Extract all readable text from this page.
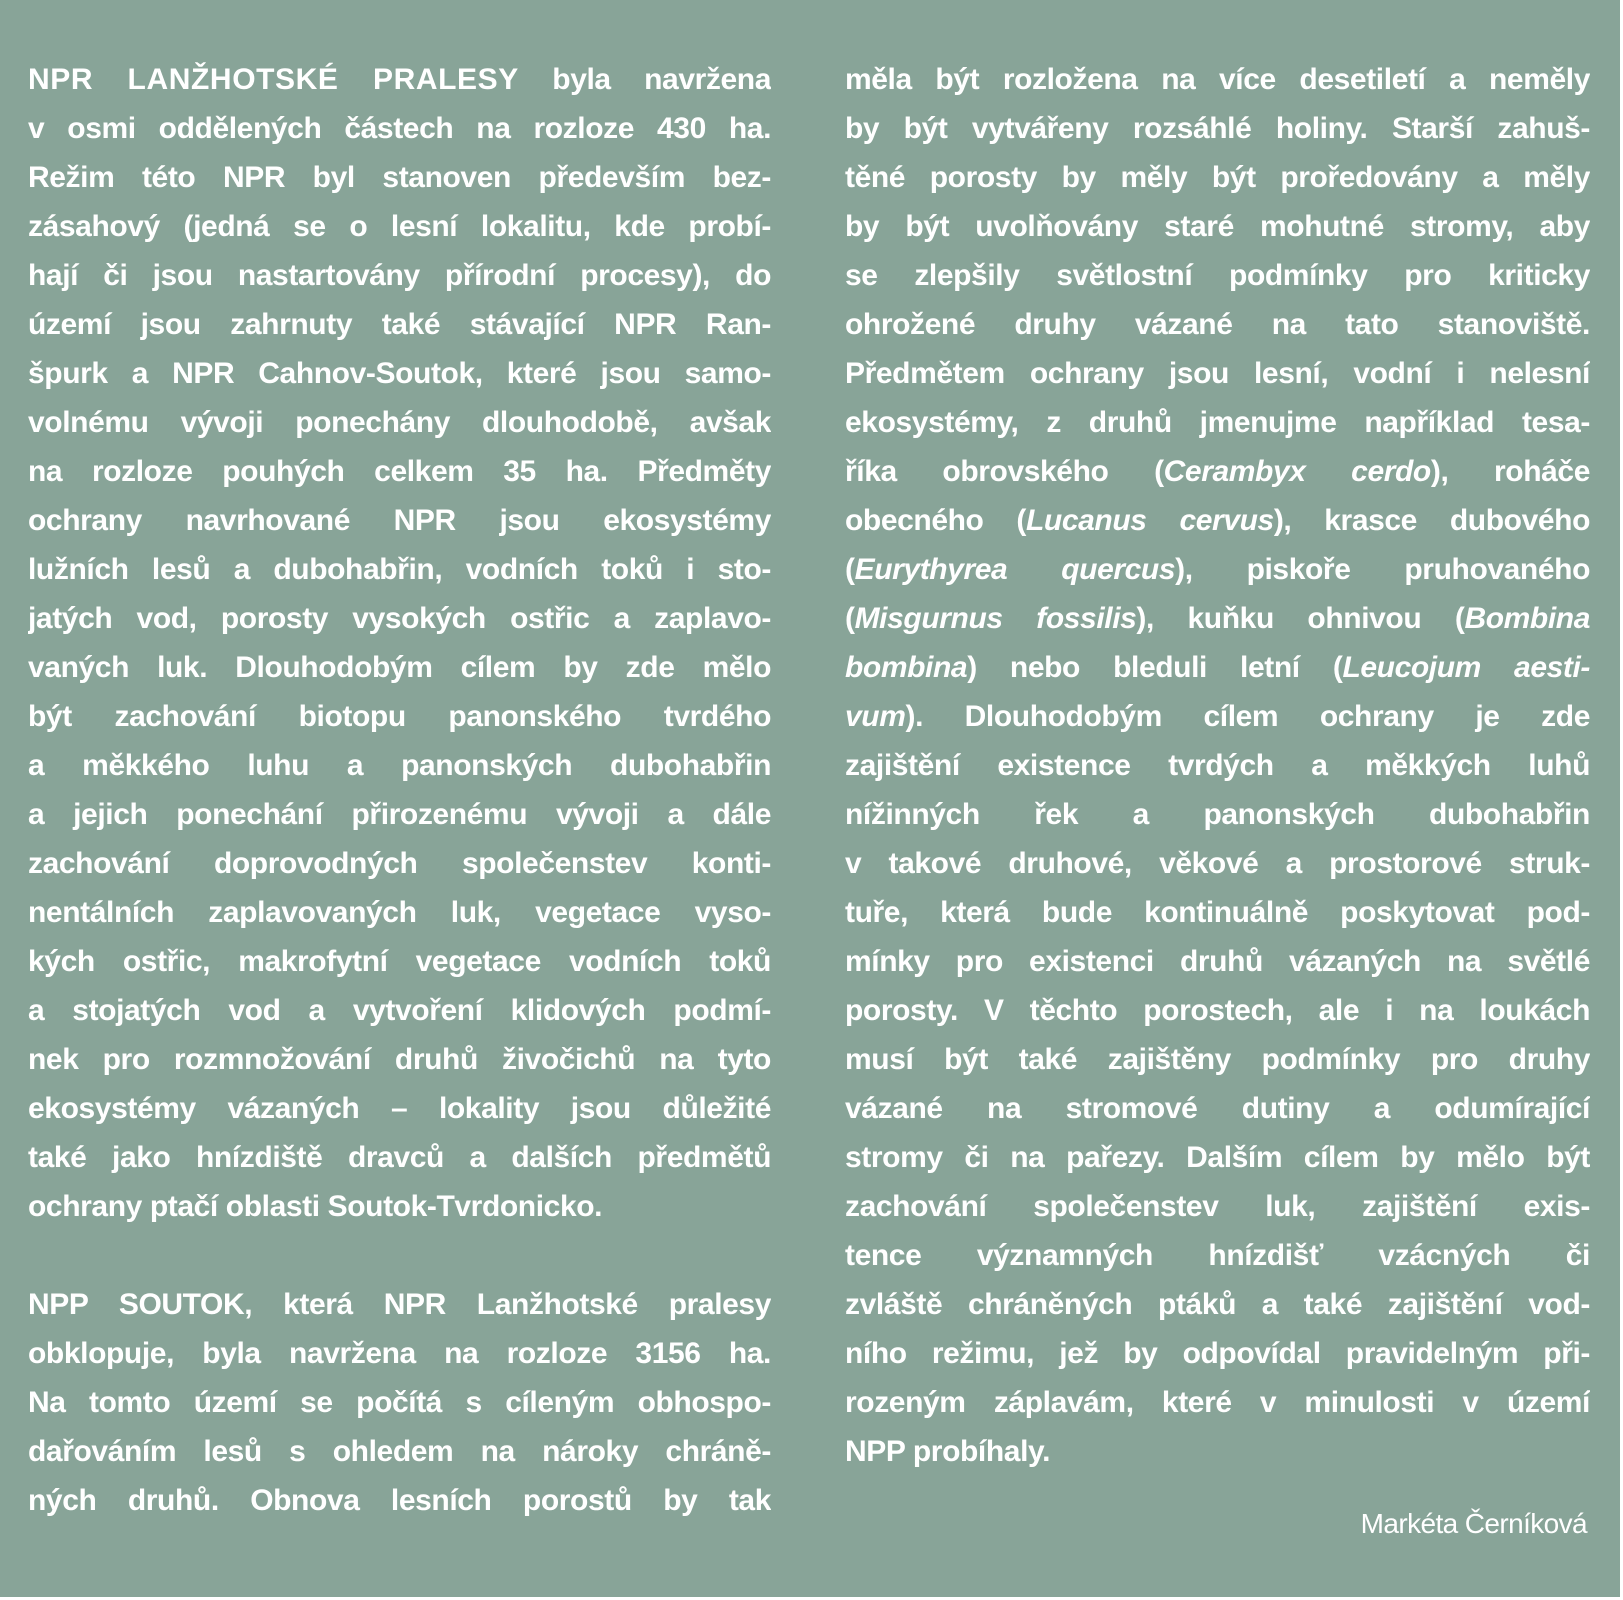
NPR LANŽHOTSKÉ PRALESY byla navržena
v osmi oddělených částech na rozloze 430 ha.
Režim této NPR byl stanoven především bez-
zásahový (jedná se o lesní lokalitu, kde probí-
hají či jsou nastartovány přírodní procesy), do
území jsou zahrnuty také stávající NPR Ran-
špurk a NPR Cahnov-Soutok, které jsou samo-
volnému vývoji ponechány dlouhodobě, avšak
na rozloze pouhých celkem 35 ha. Předměty
ochrany navrhované NPR jsou ekosystémy
lužních lesů a dubohabřin, vodních toků i sto-
jatých vod, porosty vysokých ostřic a zaplavo-
vaných luk. Dlouhodobým cílem by zde mělo
být zachování biotopu panonského tvrdého
a měkkého luhu a panonských dubohabřin
a jejich ponechání přirozenému vývoji a dále
zachování doprovodných společenstev konti-
nentálních zaplavovaných luk, vegetace vyso-
kých ostřic, makrofytní vegetace vodních toků
a stojatých vod a vytvoření klidových podmí-
nek pro rozmnožování druhů živočichů na tyto
ekosystémy vázaných – lokality jsou důležité
také jako hnízdiště dravců a dalších předmětů
ochrany ptačí oblasti Soutok-Tvrdonicko.
NPP SOUTOK, která NPR Lanžhotské pralesy
obklopuje, byla navržena na rozloze 3156 ha.
Na tomto území se počítá s cíleným obhospo-
dařováním lesů s ohledem na nároky chráně-
ných druhů. Obnova lesních porostů by tak
měla být rozložena na více desetiletí a neměly
by být vytvářeny rozsáhlé holiny. Starší zahuš-
těné porosty by měly být proředovány a měly
by být uvolňovány staré mohutné stromy, aby
se zlepšily světlostní podmínky pro kriticky
ohrožené druhy vázané na tato stanoviště.
Předmětem ochrany jsou lesní, vodní i nelesní
ekosystémy, z druhů jmenujme například tesa-
říka obrovského (Cerambyx cerdo), roháče
obecného (Lucanus cervus), krasce dubového
(Eurythyrea quercus), piskoře pruhovaného
(Misgurnus fossilis), kuňku ohnivou (Bombina
bombina) nebo bleduli letní (Leucojum aesti-
vum). Dlouhodobým cílem ochrany je zde
zajištění existence tvrdých a měkkých luhů
nížinných řek a panonských dubohabřin
v takové druhové, věkové a prostorové struk-
tuře, která bude kontinuálně poskytovat pod-
mínky pro existenci druhů vázaných na světlé
porosty. V těchto porostech, ale i na loukách
musí být také zajištěny podmínky pro druhy
vázané na stromové dutiny a odumírající
stromy či na pařezy. Dalším cílem by mělo být
zachování společenstev luk, zajištění exis-
tence významných hnízdišť vzácných či
zvláště chráněných ptáků a také zajištění vod-
ního režimu, jež by odpovídal pravidelným při-
rozeným záplavám, které v minulosti v území
NPP probíhaly.
Markéta Černíková
